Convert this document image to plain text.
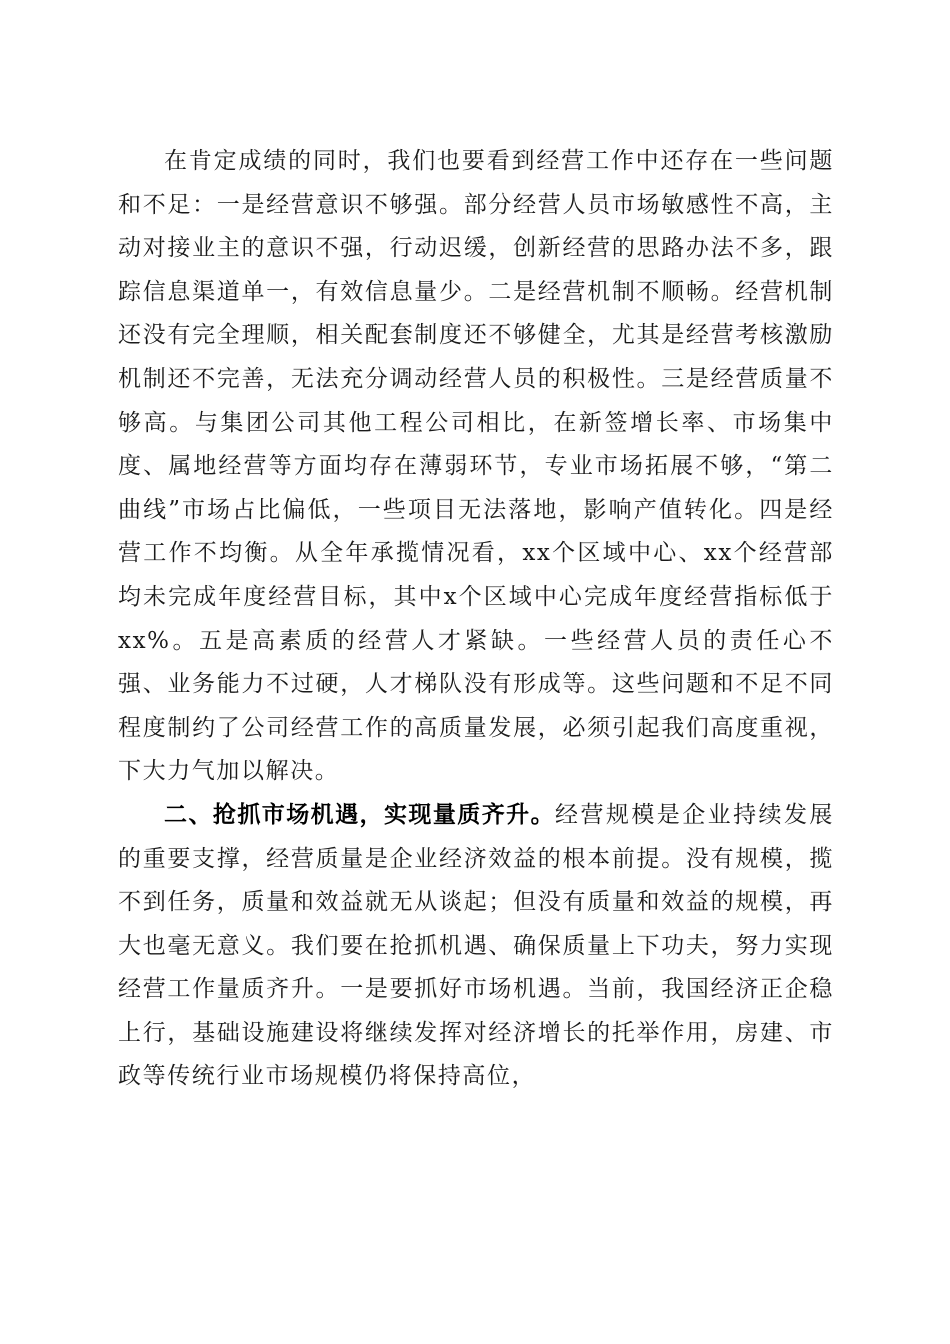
在肯定成绩的同时，我们也要看到经营工作中还存在一些问题和不足：一是经营意识不够强。部分经营人员市场敏感性不高，主动对接业主的意识不强，行动迟缓，创新经营的思路办法不多，跟踪信息渠道单一，有效信息量少。二是经营机制不顺畅。经营机制还没有完全理顺，相关配套制度还不够健全，尤其是经营考核激励机制还不完善，无法充分调动经营人员的积极性。三是经营质量不够高。与集团公司其他工程公司相比，在新签增长率、市场集中度、属地经营等方面均存在薄弱环节，专业市场拓展不够，“第二曲线”市场占比偏低，一些项目无法落地，影响产值转化。四是经营工作不均衡。从全年承揽情况看，xx个区域中心、xx个经营部均未完成年度经营目标，其中x个区域中心完成年度经营指标低于xx%。五是高素质的经营人才紧缺。一些经营人员的责任心不强、业务能力不过硬，人才梯队没有形成等。这些问题和不足不同程度制约了公司经营工作的高质量发展，必须引起我们高度重视，下大力气加以解决。

二、抢抓市场机遇，实现量质齐升。经营规模是企业持续发展的重要支撑，经营质量是企业经济效益的根本前提。没有规模，揽不到任务，质量和效益就无从谈起；但没有质量和效益的规模，再大也毫无意义。我们要在抢抓机遇、确保质量上下功夫，努力实现经营工作量质齐升。一是要抓好市场机遇。当前，我国经济正企稳上行，基础设施建设将继续发挥对经济增长的托举作用，房建、市政等传统行业市场规模仍将保持高位，
